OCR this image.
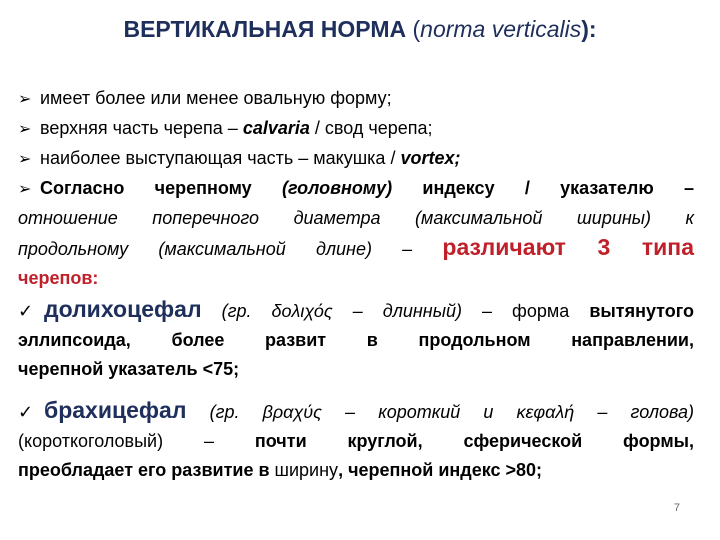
ВЕРТИКАЛЬНАЯ НОРМА (norma verticalis):
➢ имеет более или менее овальную форму;
➢ верхняя часть черепа – calvaria / свод черепа;
➢ наиболее выступающая часть – макушка / vortex;
➢ Согласно черепному (головному) индексу / указателю –
отношение поперечного диаметра (максимальной ширины) к
продольному (максимальной длине) – различают 3 типа
черепов:
✓ долихоцефал (гр. δολιχός – длинный) – форма вытянутого
эллипсоида, более развит в продольном направлении,
черепной указатель <75;
✓ брахицефал (гр. βραχύς – короткий и κεφαλή – голова)
(короткоголовый) – почти круглой, сферической формы,
преобладает его развитие в ширину, черепной индекс >80;
7
